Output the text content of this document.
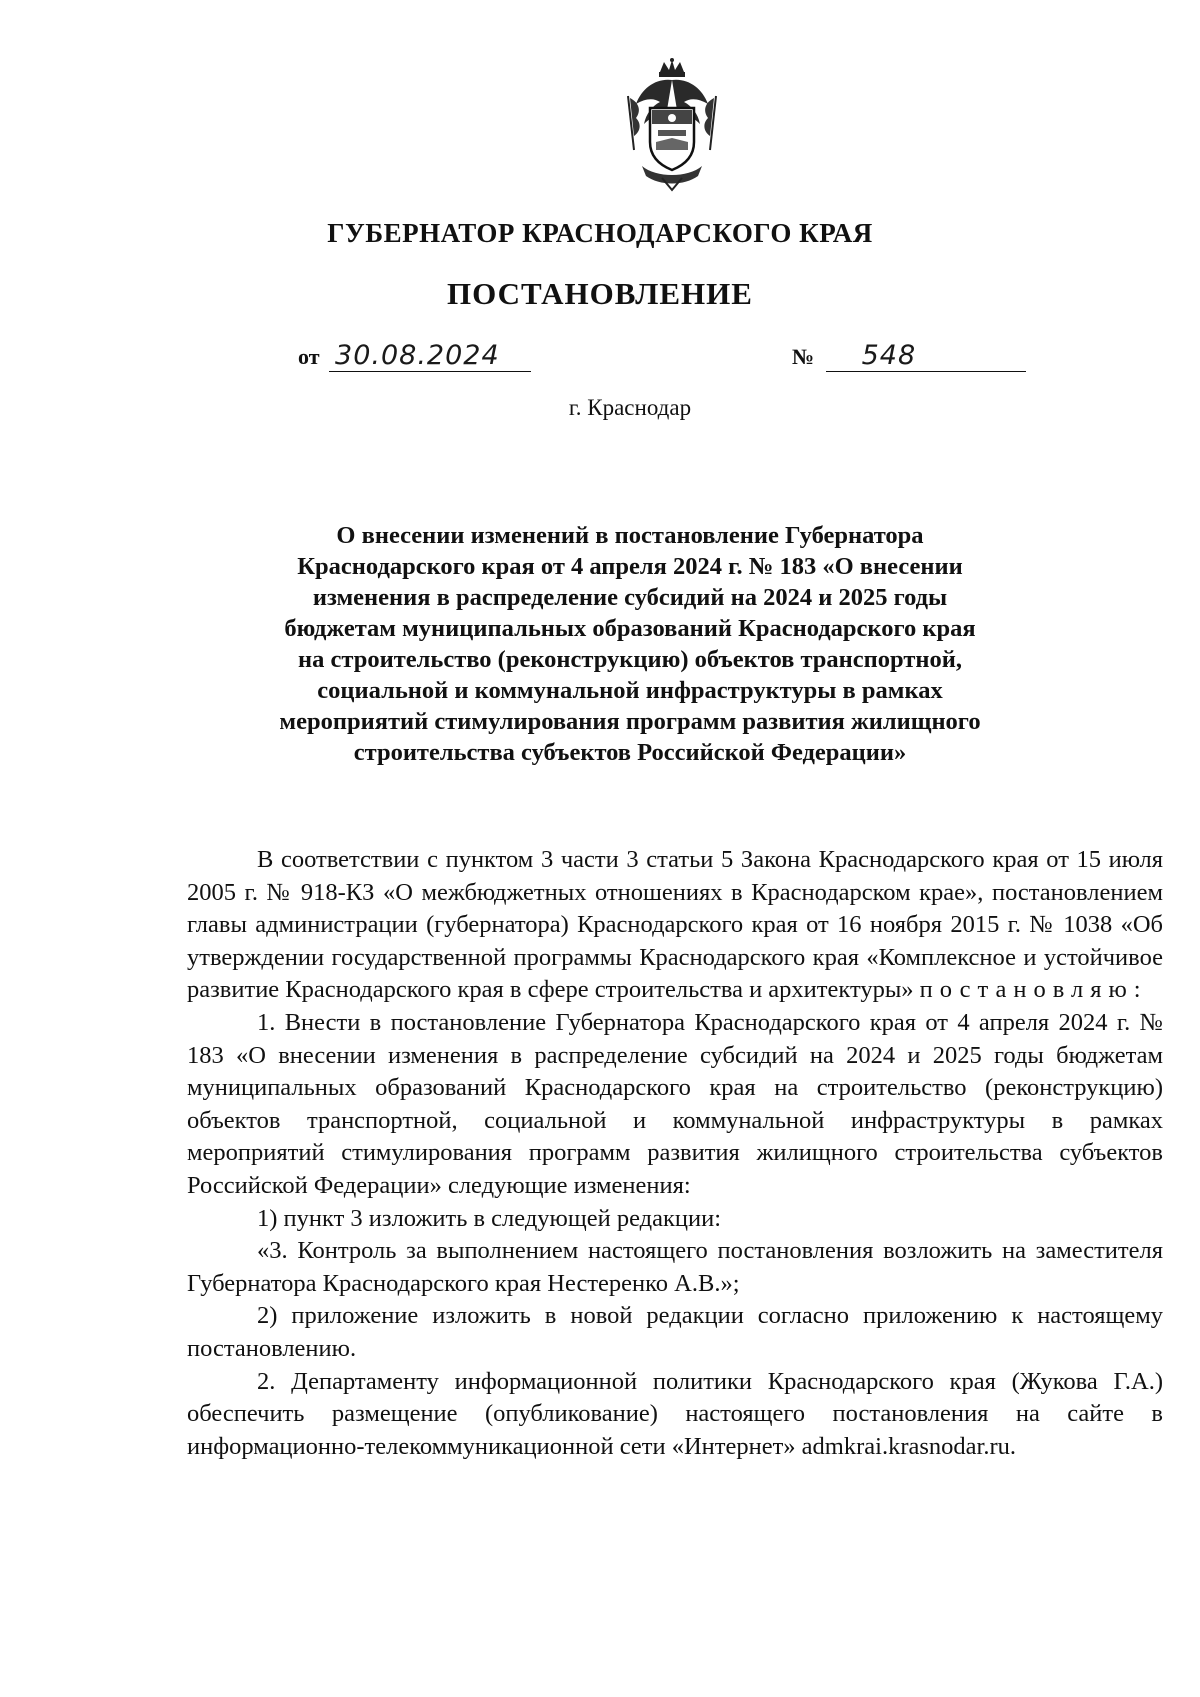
ГУБЕРНАТОР КРАСНОДАРСКОГО КРАЯ
ПОСТАНОВЛЕНИЕ
от 30.08.2024	№ 548
г. Краснодар
О внесении изменений в постановление Губернатора
Краснодарского края от 4 апреля 2024 г. № 183 «О внесении
изменения в распределение субсидий на 2024 и 2025 годы
бюджетам муниципальных образований Краснодарского края
на строительство (реконструкцию) объектов транспортной,
социальной и коммунальной инфраструктуры в рамках
мероприятий стимулирования программ развития жилищного
строительства субъектов Российской Федерации»

В соответствии с пунктом 3 части 3 статьи 5 Закона Краснодарского края от 15 июля 2005 г. № 918-КЗ «О межбюджетных отношениях в Краснодарском крае», постановлением главы администрации (губернатора) Краснодарского края от 16 ноября 2015 г. № 1038 «Об утверждении государственной программы Краснодарского края «Комплексное и устойчивое развитие Краснодарского края в сфере строительства и архитектуры» постановляю:

1. Внести в постановление Губернатора Краснодарского края от 4 апреля 2024 г. № 183 «О внесении изменения в распределение субсидий на 2024 и 2025 годы бюджетам муниципальных образований Краснодарского края на строительство (реконструкцию) объектов транспортной, социальной и коммунальной инфраструктуры в рамках мероприятий стимулирования программ развития жилищного строительства субъектов Российской Федерации» следующие изменения:

1) пункт 3 изложить в следующей редакции:

«3. Контроль за выполнением настоящего постановления возложить на заместителя Губернатора Краснодарского края Нестеренко А.В.»;

2) приложение изложить в новой редакции согласно приложению к настоящему постановлению.

2. Департаменту информационной политики Краснодарского края (Жукова Г.А.) обеспечить размещение (опубликование) настоящего постановления на сайте в информационно-телекоммуникационной сети «Интернет» admkrai.krasnodar.ru.
